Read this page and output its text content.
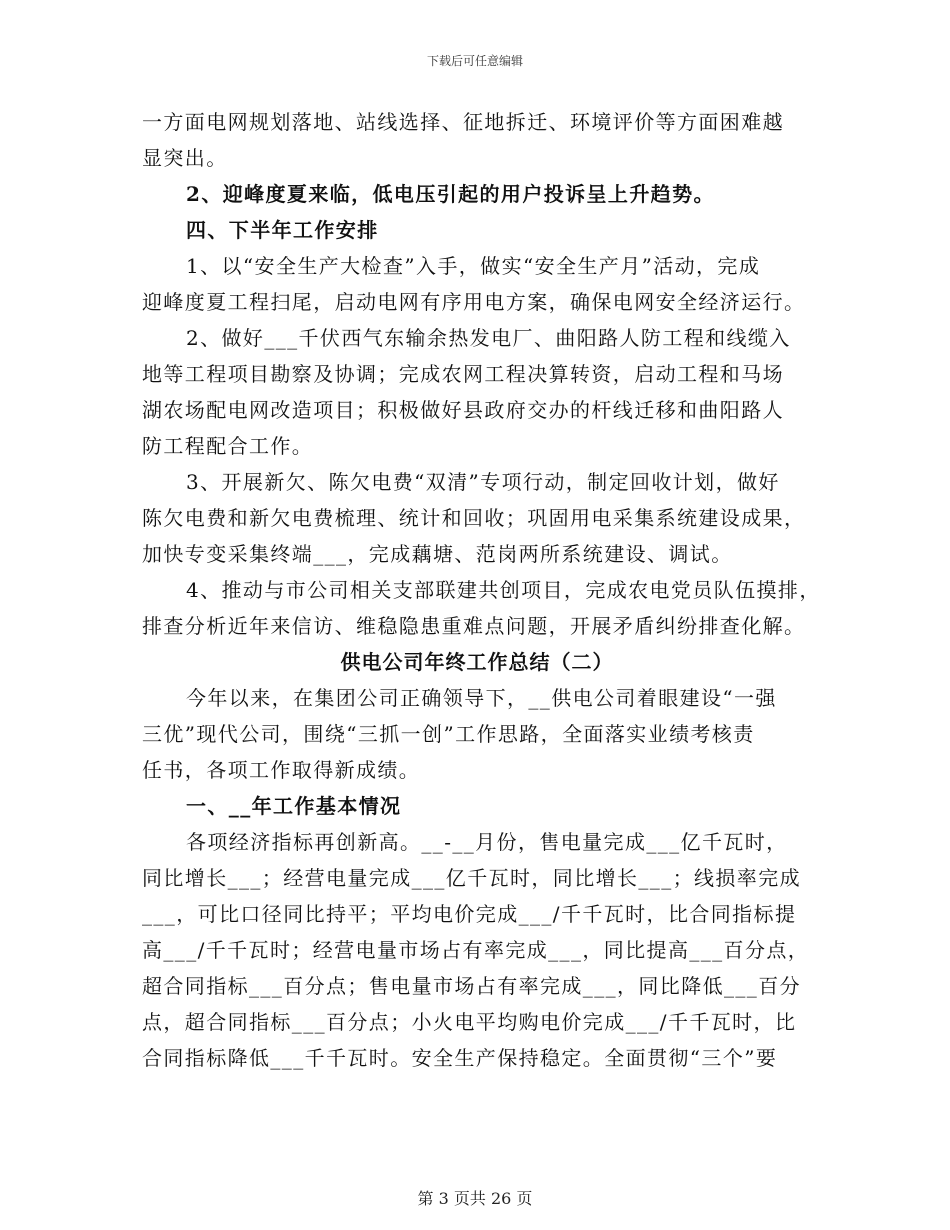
下载后可任意编辑
一方面电网规划落地、站线选择、征地拆迁、环境评价等方面困难越
显突出。
2、迎峰度夏来临，低电压引起的用户投诉呈上升趋势。
四、下半年工作安排
1、以“安全生产大检查”入手，做实“安全生产月”活动，完成
迎峰度夏工程扫尾，启动电网有序用电方案，确保电网安全经济运行。
2、做好___千伏西气东输余热发电厂、曲阳路人防工程和线缆入
地等工程项目勘察及协调；完成农网工程决算转资，启动工程和马场
湖农场配电网改造项目；积极做好县政府交办的杆线迁移和曲阳路人
防工程配合工作。
3、开展新欠、陈欠电费“双清”专项行动，制定回收计划，做好
陈欠电费和新欠电费梳理、统计和回收；巩固用电采集系统建设成果，
加快专变采集终端___，完成藕塘、范岗两所系统建设、调试。
4、推动与市公司相关支部联建共创项目，完成农电党员队伍摸排，
排查分析近年来信访、维稳隐患重难点问题，开展矛盾纠纷排查化解。
供电公司年终工作总结（二）
今年以来，在集团公司正确领导下，__供电公司着眼建设“一强
三优”现代公司，围绕“三抓一创”工作思路，全面落实业绩考核责
任书，各项工作取得新成绩。
一、__年工作基本情况
各项经济指标再创新高。__-__月份，售电量完成___亿千瓦时，
同比增长___；经营电量完成___亿千瓦时，同比增长___；线损率完成
___，可比口径同比持平；平均电价完成___/千千瓦时，比合同指标提
高___/千千瓦时；经营电量市场占有率完成___，同比提高___百分点，
超合同指标___百分点；售电量市场占有率完成___，同比降低___百分
点，超合同指标___百分点；小火电平均购电价完成___/千千瓦时，比
合同指标降低___千千瓦时。安全生产保持稳定。全面贯彻“三个”要
第 3 页共 26 页
